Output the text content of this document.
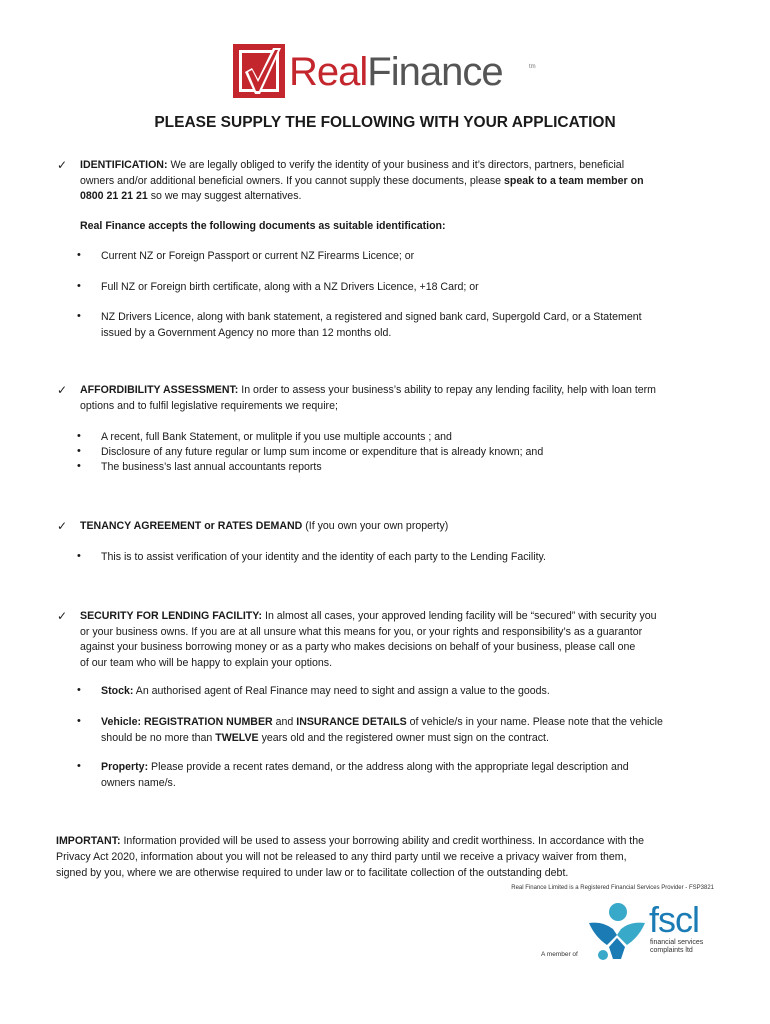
RealFinance	tm
PLEASE SUPPLY THE FOLLOWING WITH YOUR APPLICATION
✓ IDENTIFICATION: We are legally obliged to verify the identity of your business and it’s directors, partners, beneficial
owners and/or additional beneficial owners. If you cannot supply these documents, please speak to a team member on
0800 21 21 21 so we may suggest alternatives.
Real Finance accepts the following documents as suitable identification:
• Current NZ or Foreign Passport or current NZ Firearms Licence; or
• Full NZ or Foreign birth certificate, along with a NZ Drivers Licence, +18 Card; or
• NZ Drivers Licence, along with bank statement, a registered and signed bank card, Supergold Card, or a Statement
issued by a Government Agency no more than 12 months old.
✓ AFFORDIBILITY ASSESSMENT: In order to assess your business’s ability to repay any lending facility, help with loan term
options and to fulfil legislative requirements we require;
• A recent, full Bank Statement, or mulitple if you use multiple accounts ; and
• Disclosure of any future regular or lump sum income or expenditure that is already known; and
• The business’s last annual accountants reports
✓ TENANCY AGREEMENT or RATES DEMAND (If you own your own property)
• This is to assist verification of your identity and the identity of each party to the Lending Facility.
✓ SECURITY FOR LENDING FACILITY: In almost all cases, your approved lending facility will be “secured” with security you
or your business owns. If you are at all unsure what this means for you, or your rights and responsibility’s as a guarantor
against your business borrowing money or as a party who makes decisions on behalf of your business, please call one
of our team who will be happy to explain your options.
• Stock: An authorised agent of Real Finance may need to sight and assign a value to the goods.
• Vehicle: REGISTRATION NUMBER and INSURANCE DETAILS of vehicle/s in your name. Please note that the vehicle
should be no more than TWELVE years old and the registered owner must sign on the contract.
• Property: Please provide a recent rates demand, or the address along with the appropriate legal description and
owners name/s.
IMPORTANT: Information provided will be used to assess your borrowing ability and credit worthiness. In accordance with the
Privacy Act 2020, information about you will not be released to any third party until we receive a privacy waiver from them,
signed by you, where we are otherwise required to under law or to facilitate collection of the outstanding debt.
Real Finance Limited is a Registered Financial Services Provider - FSP3821
A member of
fscl
financial services
complaints ltd
